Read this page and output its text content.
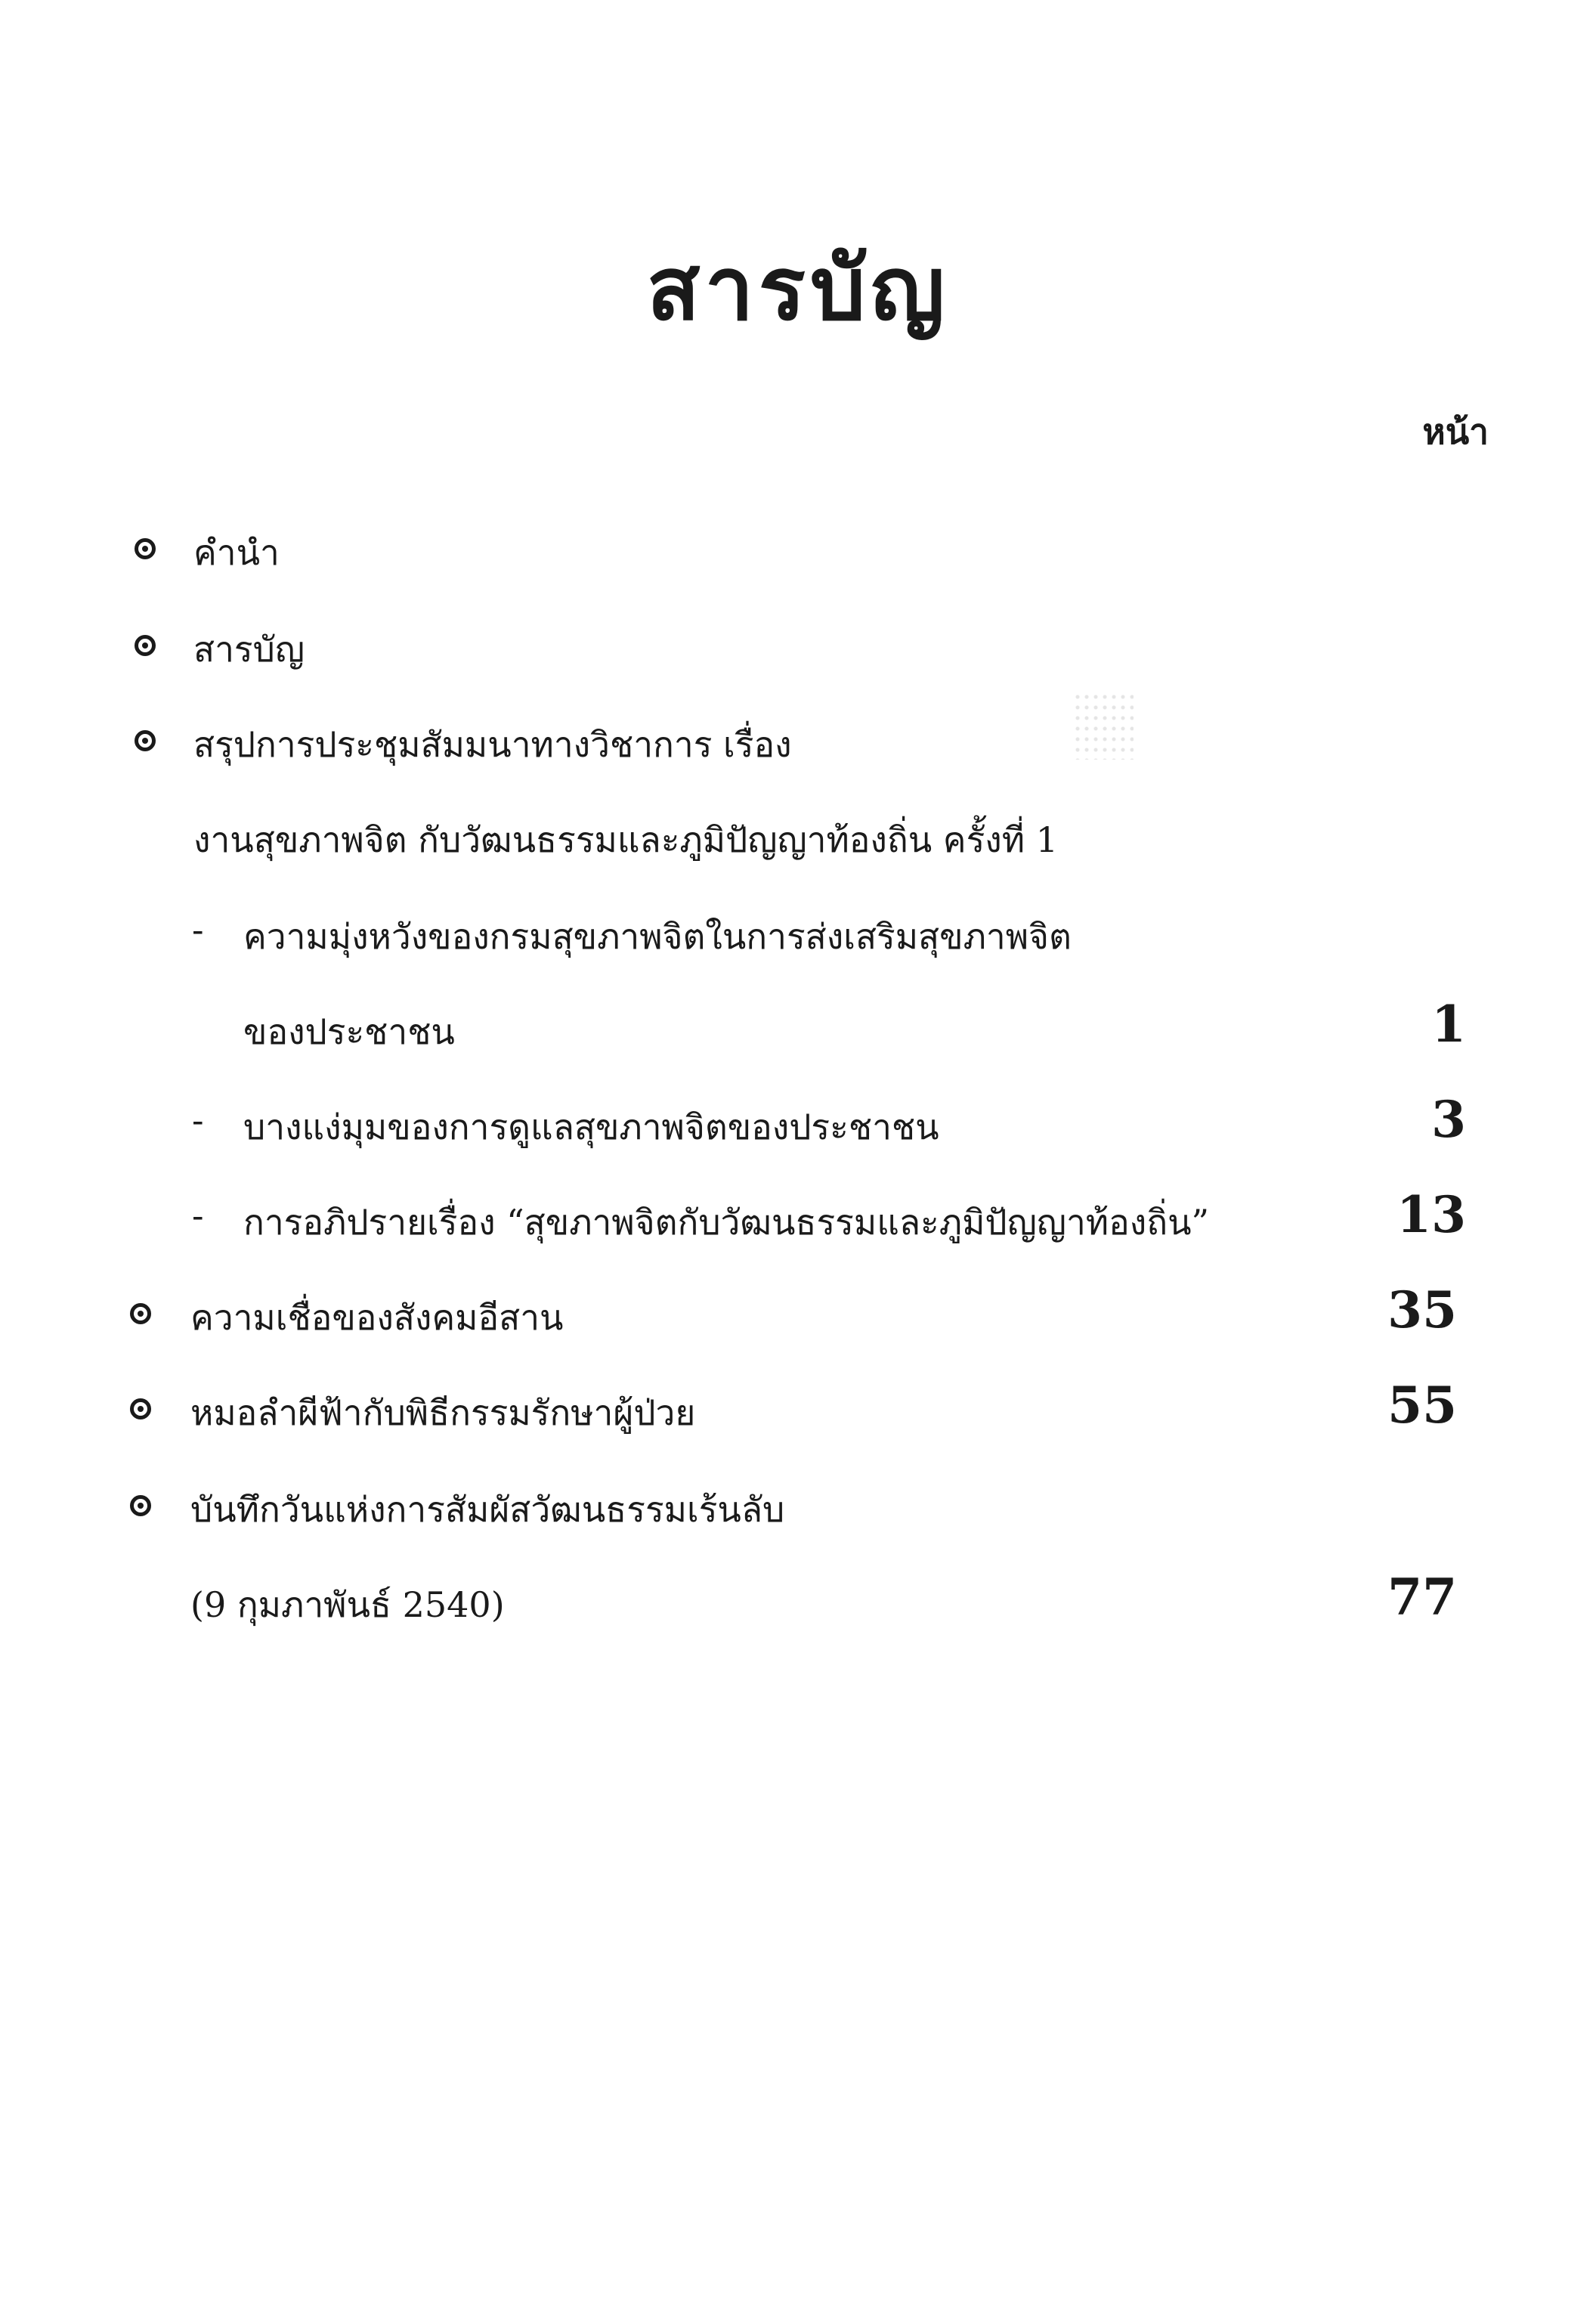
สารบัญ
หน้า
คำนำ
สารบัญ
สรุปการประชุมสัมมนาทางวิชาการ เรื่อง
งานสุขภาพจิต กับวัฒนธรรมและภูมิปัญญาท้องถิ่น ครั้งที่ 1
- ความมุ่งหวังของกรมสุขภาพจิตในการส่งเสริมสุขภาพจิต
ของประชาชน	1
- บางแง่มุมของการดูแลสุขภาพจิตของประชาชน	3
- การอภิปรายเรื่อง “สุขภาพจิตกับวัฒนธรรมและภูมิปัญญาท้องถิ่น”	13
ความเชื่อของสังคมอีสาน	35
หมอลำผีฟ้ากับพิธีกรรมรักษาผู้ป่วย	55
บันทึกวันแห่งการสัมผัสวัฒนธรรมเร้นลับ
(9 กุมภาพันธ์ 2540)	77
